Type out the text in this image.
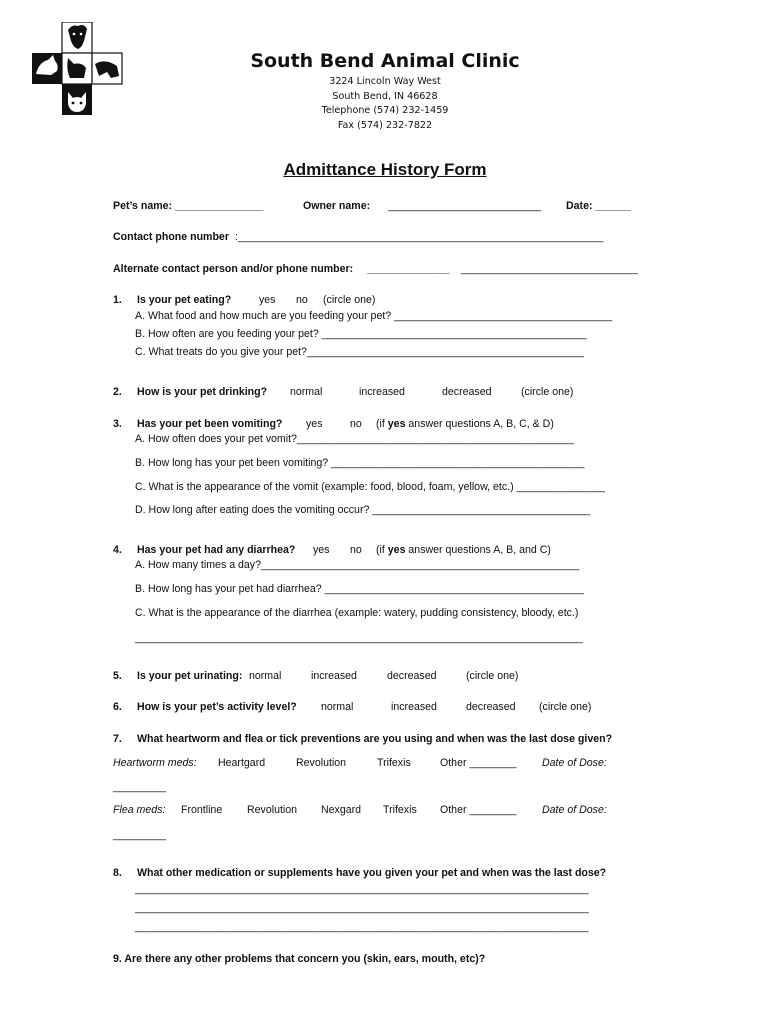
South Bend Animal Clinic
3224 Lincoln Way West
South Bend, IN 46628
Telephone (574) 232-1459
Fax (574) 232-7822
Admittance History Form
Pet’s name: _______________	Owner name: __________________________ Date: ______
Contact phone number :______________________________________________________________
Alternate contact person and/or phone number: ______________ ______________________________
1. Is your pet eating?	yes no (circle one)
A. What food and how much are you feeding your pet? _____________________________________
B. How often are you feeding your pet? _____________________________________________
C. What treats do you give your pet?_______________________________________________
2. How is your pet drinking? normal	increased	decreased	(circle one)
3. Has your pet been vomiting? yes	no (if yes answer questions A, B, C, & D)
A. How often does your pet vomit?_______________________________________________
B. How long has your pet been vomiting? ___________________________________________
C. What is the appearance of the vomit (example: food, blood, foam, yellow, etc.) _______________
D. How long after eating does the vomiting occur? _____________________________________
4. Has your pet had any diarrhea? yes no (if yes answer questions A, B, and C)
A. How many times a day?______________________________________________________
B. How long has your pet had diarrhea? ____________________________________________
C. What is the appearance of the diarrhea (example: watery, pudding consistency, bloody, etc.)
____________________________________________________________________________
5. Is your pet urinating: normal	increased	decreased	(circle one)
6. How is your pet’s activity level? normal	increased	decreased (circle one)
7. What heartworm and flea or tick preventions are you using and when was the last dose given?
Heartworm meds: Heartgard	Revolution	Trifexis	Other ________ Date of Dose:
_________
Flea meds: Frontline Revolution Nexgard Trifexis Other ________ Date of Dose:
_________
8. What other medication or supplements have you given your pet and when was the last dose?
_____________________________________________________________________________
_____________________________________________________________________________
_____________________________________________________________________________
9. Are there any other problems that concern you (skin, ears, mouth, etc)?
